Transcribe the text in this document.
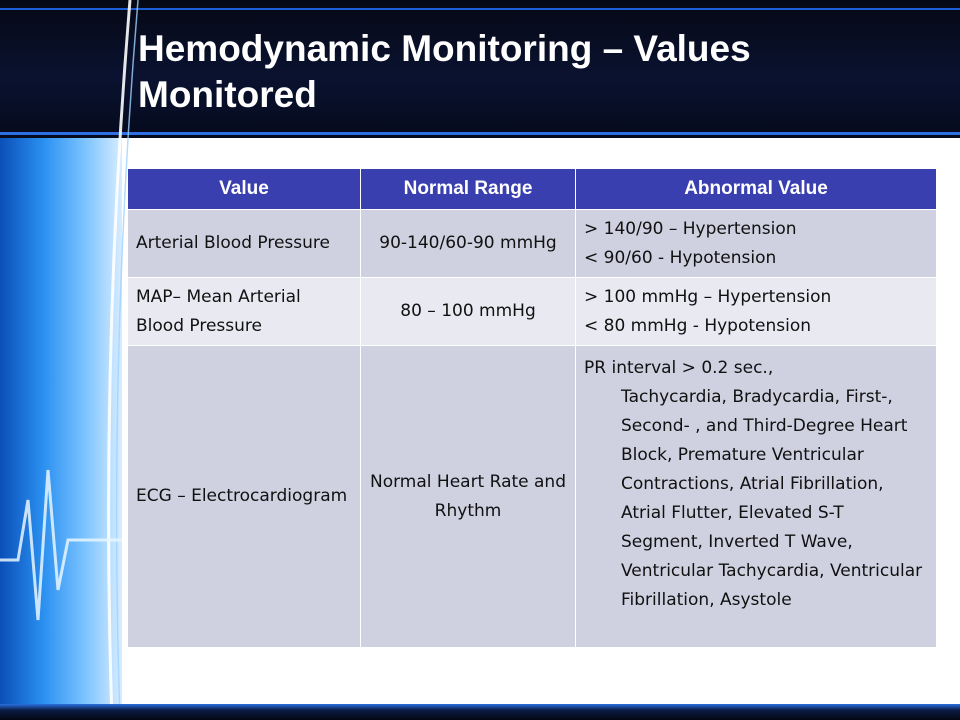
Hemodynamic Monitoring – Values Monitored
Value	Normal Range	Abnormal Value
Arterial Blood Pressure	90-140/60-90 mmHg	> 140/90 – Hypertension
< 90/60 - Hypotension

MAP– Mean Arterial Blood Pressure	80 – 100 mmHg	> 100 mmHg – Hypertension
< 80 mmHg - Hypotension

ECG – Electrocardiogram	Normal Heart Rate and Rhythm	PR interval > 0.2 sec.,
Tachycardia, Bradycardia, First-, Second- , and Third-Degree Heart Block, Premature Ventricular Contractions, Atrial Fibrillation, Atrial Flutter, Elevated S-T Segment, Inverted T Wave, Ventricular Tachycardia, Ventricular Fibrillation, Asystole
